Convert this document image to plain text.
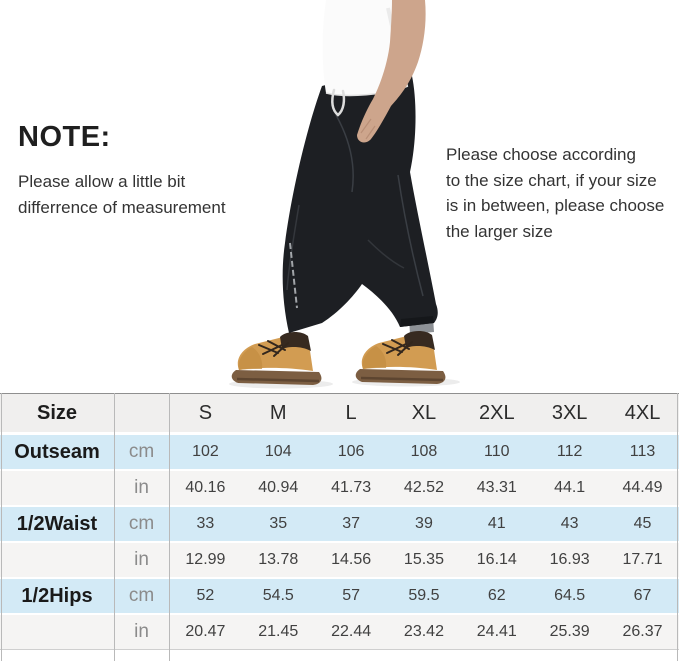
NOTE:
Please allow a little bit
differrence of measurement
Please choose according
to the size chart, if your size
is in between, please choose
the larger size
Size		S	M	L	XL	2XL	3XL	4XL
Outseam	cm	102	104	106	108	110	112	113
	in	40.16	40.94	41.73	42.52	43.31	44.1	44.49
1/2Waist	cm	33	35	37	39	41	43	45
	in	12.99	13.78	14.56	15.35	16.14	16.93	17.71
1/2Hips	cm	52	54.5	57	59.5	62	64.5	67
	in	20.47	21.45	22.44	23.42	24.41	25.39	26.37
